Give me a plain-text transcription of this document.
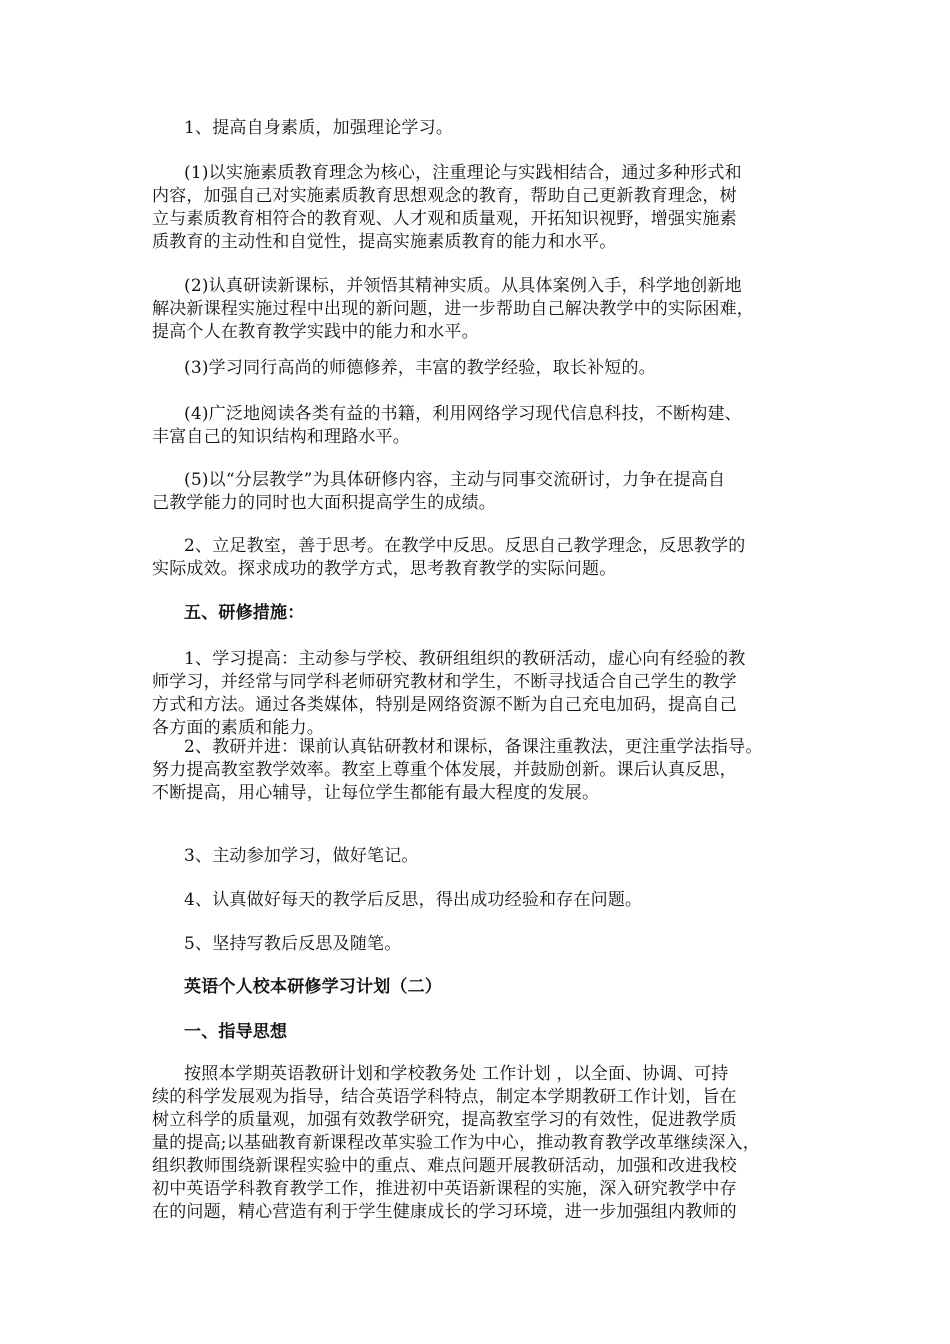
1、提高自身素质，加强理论学习。
(1)以实施素质教育理念为核心，注重理论与实践相结合，通过多种形式和
内容，加强自己对实施素质教育思想观念的教育，帮助自己更新教育理念，树
立与素质教育相符合的教育观、人才观和质量观，开拓知识视野，增强实施素
质教育的主动性和自觉性，提高实施素质教育的能力和水平。
(2)认真研读新课标，并领悟其精神实质。从具体案例入手，科学地创新地
解决新课程实施过程中出现的新问题，进一步帮助自己解决教学中的实际困难，
提高个人在教育教学实践中的能力和水平。
(3)学习同行高尚的师德修养，丰富的教学经验，取长补短的。
(4)广泛地阅读各类有益的书籍，利用网络学习现代信息科技，不断构建、
丰富自己的知识结构和理路水平。
(5)以“分层教学”为具体研修内容，主动与同事交流研讨，力争在提高自
己教学能力的同时也大面积提高学生的成绩。
2、立足教室，善于思考。在教学中反思。反思自己教学理念，反思教学的
实际成效。探求成功的教学方式，思考教育教学的实际问题。
五、研修措施：
1、学习提高：主动参与学校、教研组组织的教研活动，虚心向有经验的教
师学习，并经常与同学科老师研究教材和学生，不断寻找适合自己学生的教学
方式和方法。通过各类媒体，特别是网络资源不断为自己充电加码，提高自己
各方面的素质和能力。
2、教研并进：课前认真钻研教材和课标，备课注重教法，更注重学法指导。
努力提高教室教学效率。教室上尊重个体发展，并鼓励创新。课后认真反思，
不断提高，用心辅导，让每位学生都能有最大程度的发展。
3、主动参加学习，做好笔记。
4、认真做好每天的教学后反思，得出成功经验和存在问题。
5、坚持写教后反思及随笔。
英语个人校本研修学习计划（二）
一、指导思想
按照本学期英语教研计划和学校教务处 工作计划 ，以全面、协调、可持
续的科学发展观为指导，结合英语学科特点，制定本学期教研工作计划，旨在
树立科学的质量观，加强有效教学研究，提高教室学习的有效性，促进教学质
量的提高;以基础教育新课程改革实验工作为中心，推动教育教学改革继续深入，
组织教师围绕新课程实验中的重点、难点问题开展教研活动，加强和改进我校
初中英语学科教育教学工作，推进初中英语新课程的实施，深入研究教学中存
在的问题，精心营造有利于学生健康成长的学习环境，进一步加强组内教师的
